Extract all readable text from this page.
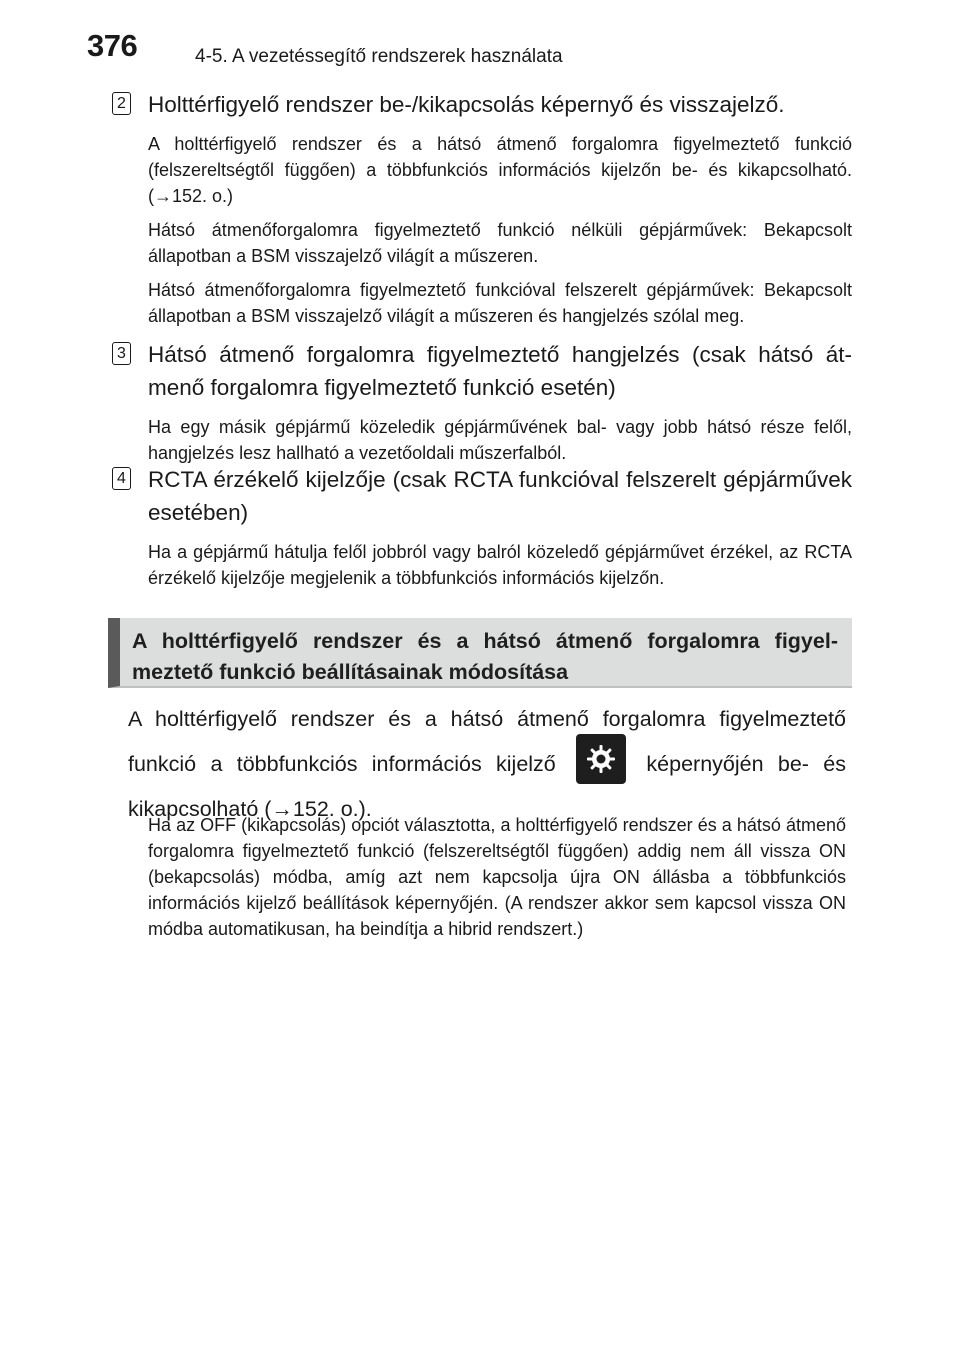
376	4-5. A vezetéssegítő rendszerek használata
2 Holttérfigyelő rendszer be-/kikapcsolás képernyő és visszajelző.
A holttérfigyelő rendszer és a hátsó átmenő forgalomra figyelmeztető funkció (felszereltségtől függően) a többfunkciós információs kijelzőn be- és kikapcsolható. (→152. o.)
Hátsó átmenőforgalomra figyelmeztető funkció nélküli gépjárművek: Bekapcsolt állapotban a BSM visszajelző világít a műszeren.
Hátsó átmenőforgalomra figyelmeztető funkcióval felszerelt gépjárművek: Bekapcsolt állapotban a BSM visszajelző világít a műszeren és hangjelzés szólal meg.
3 Hátsó átmenő forgalomra figyelmeztető hangjelzés (csak hátsó átmenő forgalomra figyelmeztető funkció esetén)
Ha egy másik gépjármű közeledik gépjárművének bal- vagy jobb hátsó része felől, hangjelzés lesz hallható a vezetőoldali műszerfalból.
4 RCTA érzékelő kijelzője (csak RCTA funkcióval felszerelt gépjárművek esetében)
Ha a gépjármű hátulja felől jobbról vagy balról közeledő gépjárművet érzékel, az RCTA érzékelő kijelzője megjelenik a többfunkciós információs kijelzőn.
A holttérfigyelő rendszer és a hátsó átmenő forgalomra figyelmeztető funkció beállításainak módosítása
A holttérfigyelő rendszer és a hátsó átmenő forgalomra figyelmeztető funkció a többfunkciós információs kijelző	képernyőjén be- és kikapcsolható (→152. o.).
Ha az OFF (kikapcsolás) opciót választotta, a holttérfigyelő rendszer és a hátsó átmenő forgalomra figyelmeztető funkció (felszereltségtől függően) addig nem áll vissza ON (bekapcsolás) módba, amíg azt nem kapcsolja újra ON állásba a többfunkciós információs kijelző beállítások képernyőjén. (A rendszer akkor sem kapcsol vissza ON módba automatikusan, ha beindítja a hibrid rendszert.)
